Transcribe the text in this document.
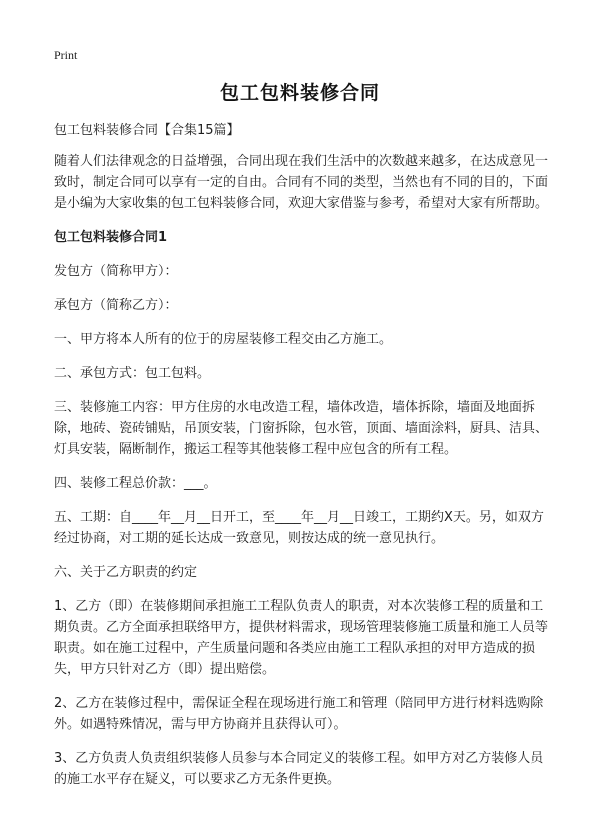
Print
包工包料装修合同

包工包料装修合同【合集15篇】

随着人们法律观念的日益增强，合同出现在我们生活中的次数越来越多，在达成意见一致时，制定合同可以享有一定的自由。合同有不同的类型，当然也有不同的目的，下面是小编为大家收集的包工包料装修合同，欢迎大家借鉴与参考，希望对大家有所帮助。

包工包料装修合同1

发包方（简称甲方）：

承包方（简称乙方）：

一、甲方将本人所有的位于的房屋装修工程交由乙方施工。

二、承包方式：包工包料。

三、装修施工内容：甲方住房的水电改造工程，墙体改造，墙体拆除，墙面及地面拆除，地砖、瓷砖铺贴，吊顶安装，门窗拆除，包水管，顶面、墙面涂料，厨具、洁具、灯具安装，隔断制作，搬运工程等其他装修工程中应包含的所有工程。

四、装修工程总价款：___。

五、工期：自____年__月__日开工，至____年__月__日竣工，工期约X天。另，如双方经过协商，对工期的延长达成一致意见，则按达成的统一意见执行。

六、关于乙方职责的约定

1、乙方（即）在装修期间承担施工工程队负责人的职责，对本次装修工程的质量和工期负责。乙方全面承担联络甲方，提供材料需求，现场管理装修施工质量和施工人员等职责。如在施工过程中，产生质量问题和各类应由施工工程队承担的对甲方造成的损失，甲方只针对乙方（即）提出赔偿。

2、乙方在装修过程中，需保证全程在现场进行施工和管理（陪同甲方进行材料选购除外。如遇特殊情况，需与甲方协商并且获得认可）。

3、乙方负责人负责组织装修人员参与本合同定义的装修工程。如甲方对乙方装修人员的施工水平存在疑义，可以要求乙方无条件更换。
